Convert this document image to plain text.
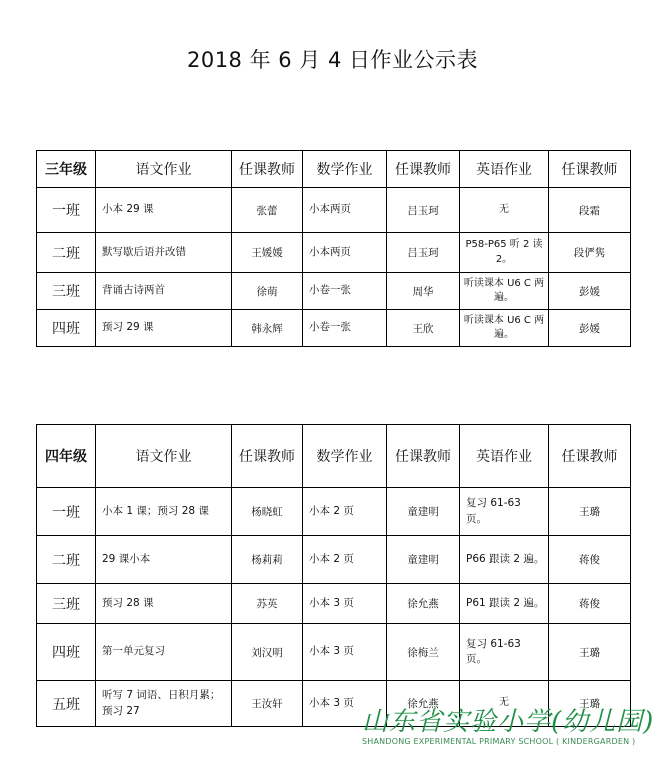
2018 年 6 月 4 日作业公示表
三年级	语文作业	任课教师	数学作业	任课教师	英语作业	任课教师
一班	小本 29 课	张蕾	小本两页	吕玉珂	无	段霜
二班	默写歇后语并改错	王媛媛	小本两页	吕玉珂	P58-P65 听 2 读 2。	段俨隽
三班	背诵古诗两首	徐萌	小卷一张	周华	听读课本 U6 C 两遍。	彭媛
四班	预习 29 课	韩永辉	小卷一张	王欣	听读课本 U6 C 两遍。	彭媛
四年级	语文作业	任课教师	数学作业	任课教师	英语作业	任课教师
一班	小本 1 课；预习 28 课	杨晓虹	小本 2 页	童建明	复习 61-63 页。	王璐
二班	29 课小本	杨莉莉	小本 2 页	童建明	P66 跟读 2 遍。	蒋俊
三班	预习 28 课	苏英	小本 3 页	徐允燕	P61 跟读 2 遍。	蒋俊
四班	第一单元复习	刘汉明	小本 3 页	徐梅兰	复习 61-63 页。	王璐
五班	听写 7 词语、日积月累；预习 27	王汝轩	小本 3 页	徐允燕	无	王璐
山东省实验小学(幼儿园)
SHANDONG EXPERIMENTAL PRIMARY SCHOOL ( KINDERGARDEN )
